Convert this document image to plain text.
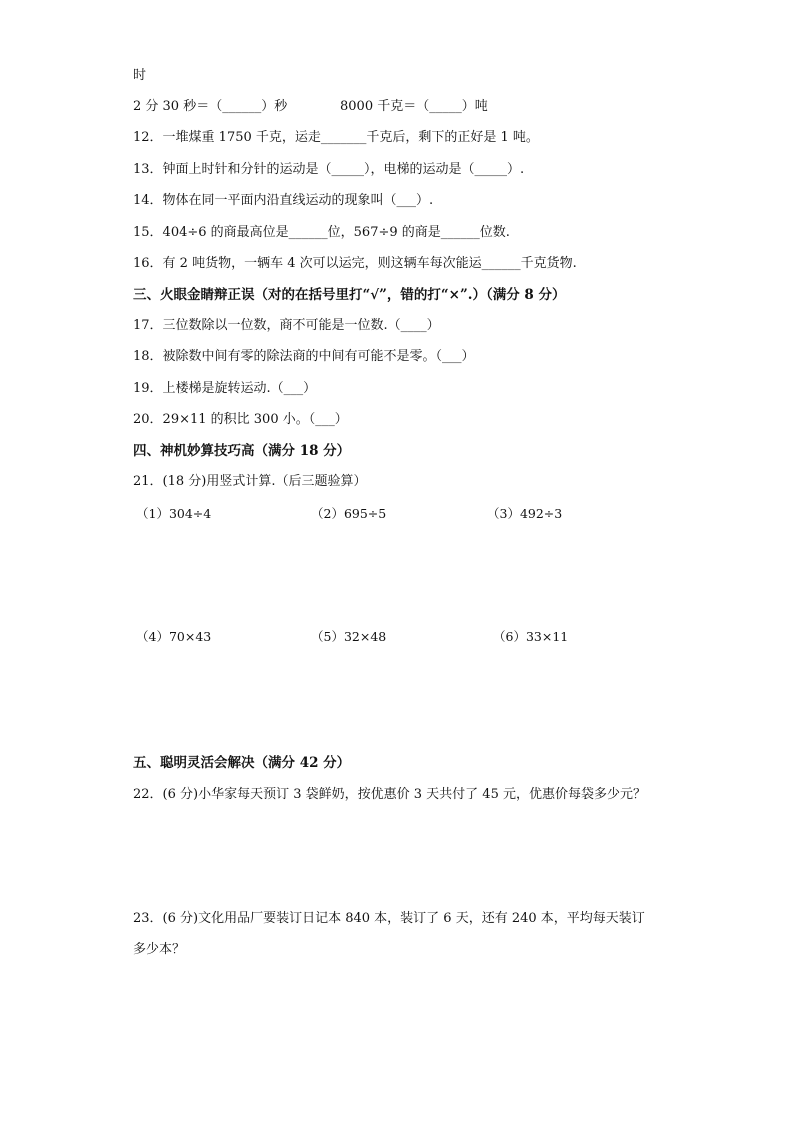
时
2 分 30 秒＝（______）秒	8000 千克＝（_____）吨
12．一堆煤重 1750 千克，运走_______千克后，剩下的正好是 1 吨。
13．钟面上时针和分针的运动是（_____），电梯的运动是（_____）.
14．物体在同一平面内沿直线运动的现象叫（___）.
15．404÷6 的商最高位是______位，567÷9 的商是______位数.
16．有 2 吨货物，一辆车 4 次可以运完，则这辆车每次能运______千克货物.
三、火眼金睛辩正误（对的在括号里打“√”，错的打“×”.）（满分 8 分）
17．三位数除以一位数，商不可能是一位数.（____）
18．被除数中间有零的除法商的中间有可能不是零。（___）
19．上楼梯是旋转运动.（___）
20．29×11 的积比 300 小。（___）
四、神机妙算技巧高（满分 18 分）
21．(18 分)用竖式计算.（后三题验算）
（1）304÷4	（2）695÷5	（3）492÷3
（4）70×43	（5）32×48	（6）33×11
五、聪明灵活会解决（满分 42 分）
22．(6 分)小华家每天预订 3 袋鲜奶，按优惠价 3 天共付了 45 元，优惠价每袋多少元？
23．(6 分)文化用品厂要装订日记本 840 本，装订了 6 天，还有 240 本，平均每天装订
多少本？
